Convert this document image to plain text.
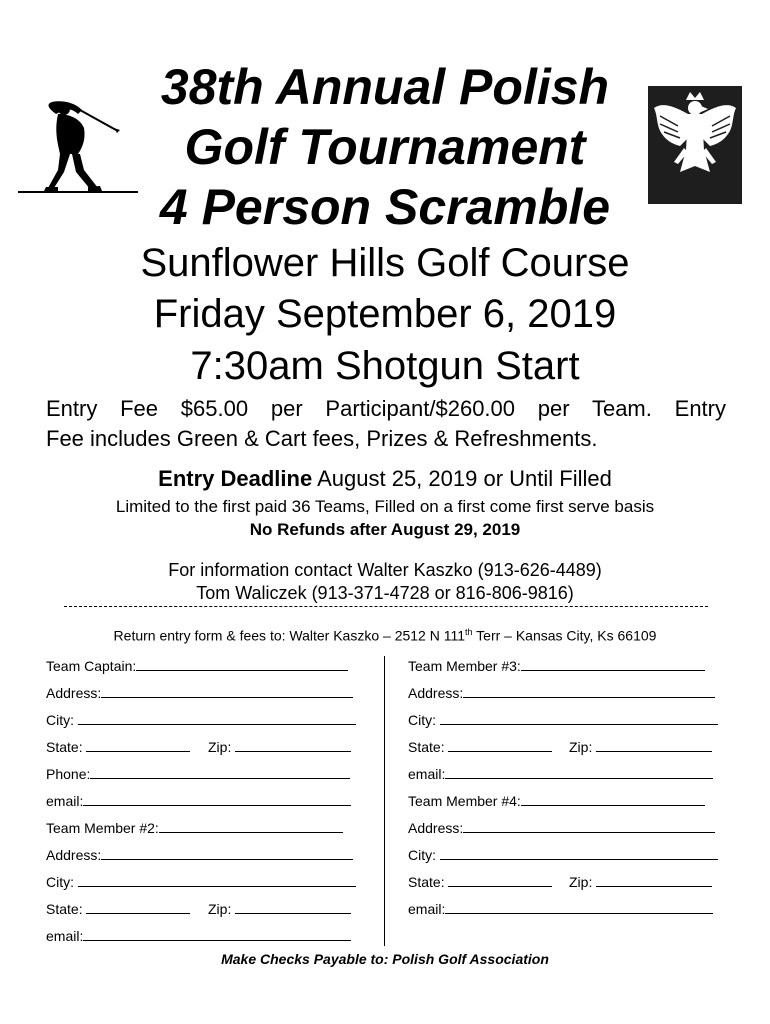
38th Annual Polish
Golf Tournament
4 Person Scramble
Sunflower Hills Golf Course
Friday September 6, 2019
7:30am Shotgun Start
Entry Fee $65.00 per Participant/$260.00 per Team. Entry
Fee includes Green & Cart fees, Prizes & Refreshments.
Entry Deadline August 25, 2019 or Until Filled
Limited to the first paid 36 Teams, Filled on a first come first serve basis
No Refunds after August 29, 2019
For information contact Walter Kaszko (913-626-4489)
Tom Waliczek (913-371-4728 or 816-806-9816)
Return entry form & fees to: Walter Kaszko – 2512 N 111th Terr – Kansas City, Ks 66109
Team Captain:
Address:
City:
State:	Zip:
Phone:
email:
Team Member #2:
Address:
City:
State:	Zip:
email:
Team Member #3:
Address:
City:
State:	Zip:
email:
Team Member #4:
Address:
City:
State:	Zip:
email:
Make Checks Payable to: Polish Golf Association
